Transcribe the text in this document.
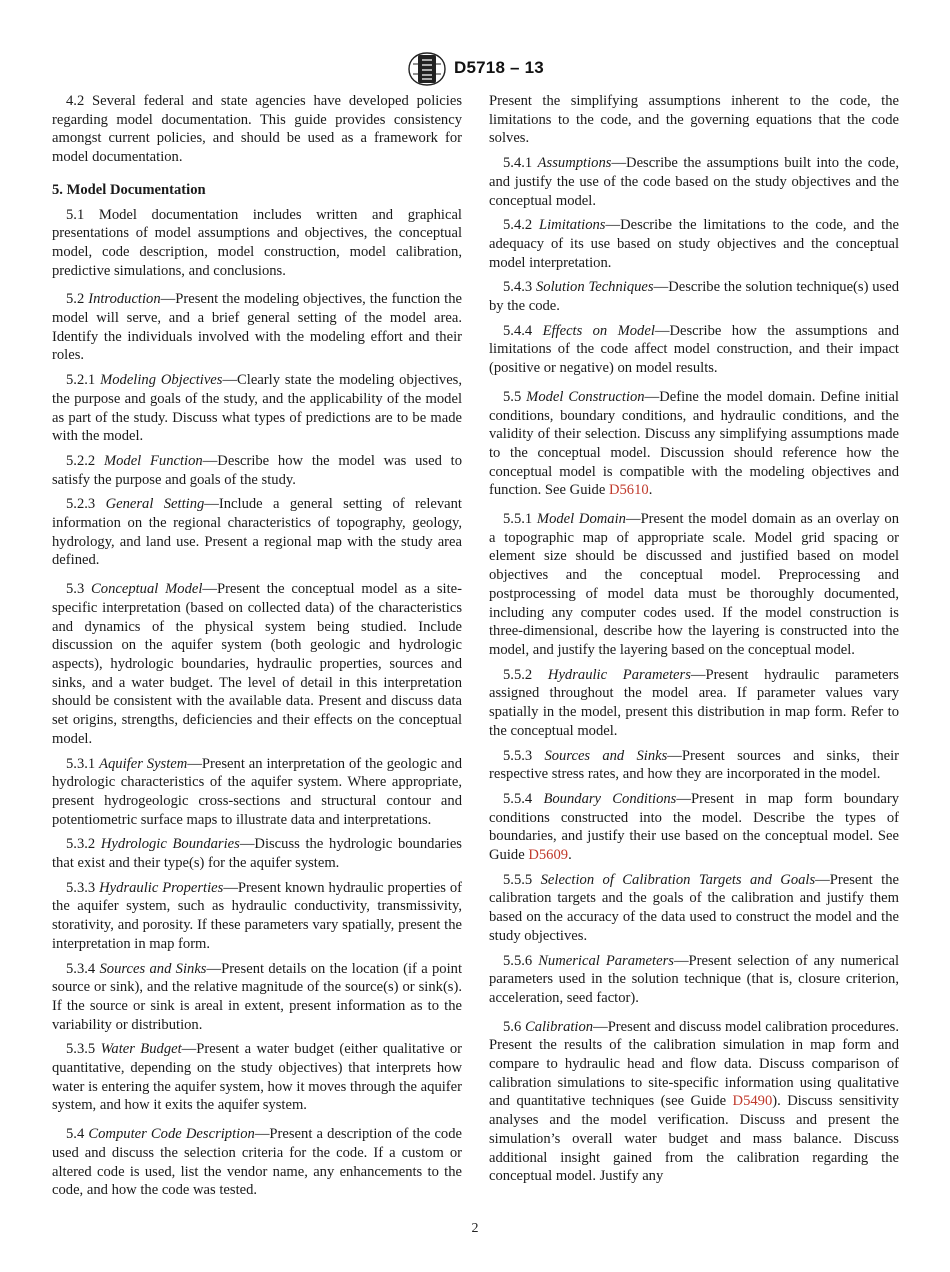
D5718 – 13

4.2 Several federal and state agencies have developed policies regarding model documentation. This guide provides consistency amongst current policies, and should be used as a framework for model documentation.

5. Model Documentation

5.1 Model documentation includes written and graphical presentations of model assumptions and objectives, the conceptual model, code description, model construction, model calibration, predictive simulations, and conclusions.

5.2 Introduction—Present the modeling objectives, the function the model will serve, and a brief general setting of the model area. Identify the individuals involved with the modeling effort and their roles.

5.2.1 Modeling Objectives—Clearly state the modeling objectives, the purpose and goals of the study, and the applicability of the model as part of the study. Discuss what types of predictions are to be made with the model.

5.2.2 Model Function—Describe how the model was used to satisfy the purpose and goals of the study.

5.2.3 General Setting—Include a general setting of relevant information on the regional characteristics of topography, geology, hydrology, and land use. Present a regional map with the study area defined.

5.3 Conceptual Model—Present the conceptual model as a site-specific interpretation (based on collected data) of the characteristics and dynamics of the physical system being studied. Include discussion on the aquifer system (both geologic and hydrologic aspects), hydrologic boundaries, hydraulic properties, sources and sinks, and a water budget. The level of detail in this interpretation should be consistent with the available data. Present and discuss data set origins, strengths, deficiencies and their effects on the conceptual model.

5.3.1 Aquifer System—Present an interpretation of the geologic and hydrologic characteristics of the aquifer system. Where appropriate, present hydrogeologic cross-sections and structural contour and potentiometric surface maps to illustrate data and interpretations.

5.3.2 Hydrologic Boundaries—Discuss the hydrologic boundaries that exist and their type(s) for the aquifer system.

5.3.3 Hydraulic Properties—Present known hydraulic properties of the aquifer system, such as hydraulic conductivity, transmissivity, storativity, and porosity. If these parameters vary spatially, present the interpretation in map form.

5.3.4 Sources and Sinks—Present details on the location (if a point source or sink), and the relative magnitude of the source(s) or sink(s). If the source or sink is areal in extent, present information as to the variability or distribution.

5.3.5 Water Budget—Present a water budget (either qualitative or quantitative, depending on the study objectives) that interprets how water is entering the aquifer system, how it moves through the aquifer system, and how it exits the aquifer system.

5.4 Computer Code Description—Present a description of the code used and discuss the selection criteria for the code. If a custom or altered code is used, list the vendor name, any enhancements to the code, and how the code was tested.

Present the simplifying assumptions inherent to the code, the limitations to the code, and the governing equations that the code solves.

5.4.1 Assumptions—Describe the assumptions built into the code, and justify the use of the code based on the study objectives and the conceptual model.

5.4.2 Limitations—Describe the limitations to the code, and the adequacy of its use based on study objectives and the conceptual model interpretation.

5.4.3 Solution Techniques—Describe the solution technique(s) used by the code.

5.4.4 Effects on Model—Describe how the assumptions and limitations of the code affect model construction, and their impact (positive or negative) on model results.

5.5 Model Construction—Define the model domain. Define initial conditions, boundary conditions, and hydraulic conditions, and the validity of their selection. Discuss any simplifying assumptions made to the conceptual model. Discussion should reference how the conceptual model is compatible with the modeling objectives and function. See Guide D5610.

5.5.1 Model Domain—Present the model domain as an overlay on a topographic map of appropriate scale. Model grid spacing or element size should be discussed and justified based on model objectives and the conceptual model. Preprocessing and postprocessing of model data must be thoroughly documented, including any computer codes used. If the model construction is three-dimensional, describe how the layering is constructed into the model, and justify the layering based on the conceptual model.

5.5.2 Hydraulic Parameters—Present hydraulic parameters assigned throughout the model area. If parameter values vary spatially in the model, present this distribution in map form. Refer to the conceptual model.

5.5.3 Sources and Sinks—Present sources and sinks, their respective stress rates, and how they are incorporated in the model.

5.5.4 Boundary Conditions—Present in map form boundary conditions constructed into the model. Describe the types of boundaries, and justify their use based on the conceptual model. See Guide D5609.

5.5.5 Selection of Calibration Targets and Goals—Present the calibration targets and the goals of the calibration and justify them based on the accuracy of the data used to construct the model and the study objectives.

5.5.6 Numerical Parameters—Present selection of any numerical parameters used in the solution technique (that is, closure criterion, acceleration, seed factor).

5.6 Calibration—Present and discuss model calibration procedures. Present the results of the calibration simulation in map form and compare to hydraulic head and flow data. Discuss comparison of calibration simulations to site-specific information using qualitative and quantitative techniques (see Guide D5490). Discuss sensitivity analyses and the model verification. Discuss and present the simulation’s overall water budget and mass balance. Discuss additional insight gained from the calibration regarding the conceptual model. Justify any

2
